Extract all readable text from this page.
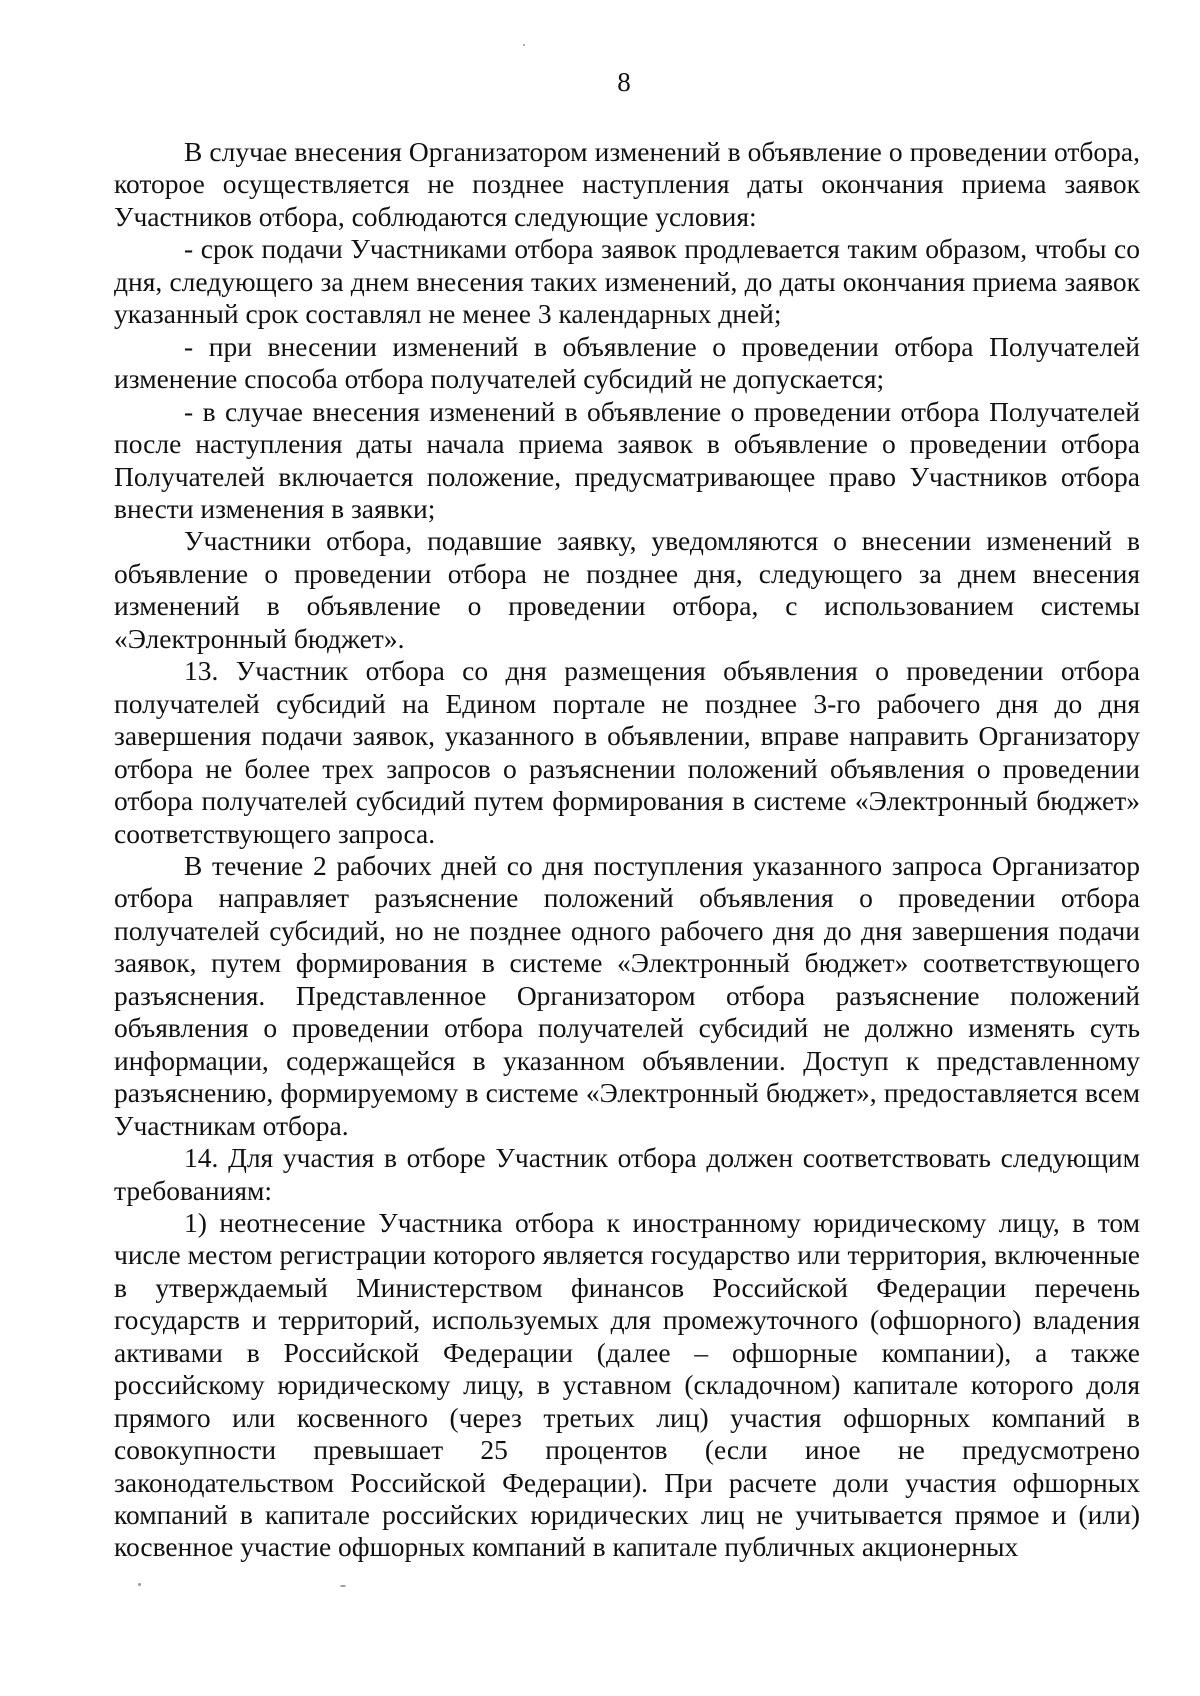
8

В случае внесения Организатором изменений в объявление о проведении отбора, которое осуществляется не позднее наступления даты окончания приема заявок Участников отбора, соблюдаются следующие условия:

- срок подачи Участниками отбора заявок продлевается таким образом, чтобы со дня, следующего за днем внесения таких изменений, до даты окончания приема заявок указанный срок составлял не менее 3 календарных дней;

- при внесении изменений в объявление о проведении отбора Получателей изменение способа отбора получателей субсидий не допускается;

- в случае внесения изменений в объявление о проведении отбора Получателей после наступления даты начала приема заявок в объявление о проведении отбора Получателей включается положение, предусматривающее право Участников отбора внести изменения в заявки;

Участники отбора, подавшие заявку, уведомляются о внесении изменений в объявление о проведении отбора не позднее дня, следующего за днем внесения изменений в объявление о проведении отбора, с использованием системы «Электронный бюджет».

13. Участник отбора со дня размещения объявления о проведении отбора получателей субсидий на Едином портале не позднее 3-го рабочего дня до дня завершения подачи заявок, указанного в объявлении, вправе направить Организатору отбора не более трех запросов о разъяснении положений объявления о проведении отбора получателей субсидий путем формирования в системе «Электронный бюджет» соответствующего запроса.

В течение 2 рабочих дней со дня поступления указанного запроса Организатор отбора направляет разъяснение положений объявления о проведении отбора получателей субсидий, но не позднее одного рабочего дня до дня завершения подачи заявок, путем формирования в системе «Электронный бюджет» соответствующего разъяснения. Представленное Организатором отбора разъяснение положений объявления о проведении отбора получателей субсидий не должно изменять суть информации, содержащейся в указанном объявлении. Доступ к представленному разъяснению, формируемому в системе «Электронный бюджет», предоставляется всем Участникам отбора.

14. Для участия в отборе Участник отбора должен соответствовать следующим требованиям:

1) неотнесение Участника отбора к иностранному юридическому лицу, в том числе местом регистрации которого является государство или территория, включенные в утверждаемый Министерством финансов Российской Федерации перечень государств и территорий, используемых для промежуточного (офшорного) владения активами в Российской Федерации (далее – офшорные компании), а также российскому юридическому лицу, в уставном (складочном) капитале которого доля прямого или косвенного (через третьих лиц) участия офшорных компаний в совокупности превышает 25 процентов (если иное не предусмотрено законодательством Российской Федерации). При расчете доли участия офшорных компаний в капитале российских юридических лиц не учитывается прямое и (или) косвенное участие офшорных компаний в капитале публичных акционерных
